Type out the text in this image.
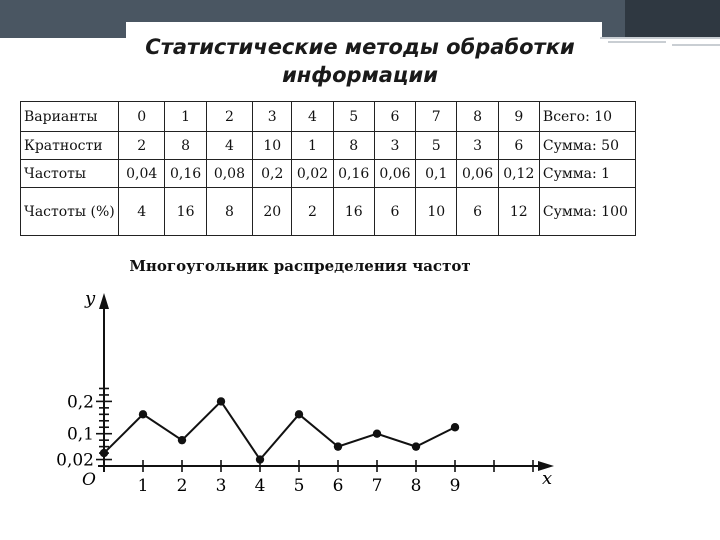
Статистические методы обработки
информации
Варианты	0	1	2	3	4	5	6	7	8	9	Всего: 10
Кратности	2	8	4	10	1	8	3	5	3	6	Сумма: 50
Частоты	0,04	0,16	0,08	0,2	0,02	0,16	0,06	0,1	0,06	0,12	Сумма: 1
Частоты (%)	4	16	8	20	2	16	6	10	6	12	Сумма: 100
Многоугольник распределения частот
1 2 3 4 5 6 7 8 9
0,02
0,1
0,2
y
x
O
